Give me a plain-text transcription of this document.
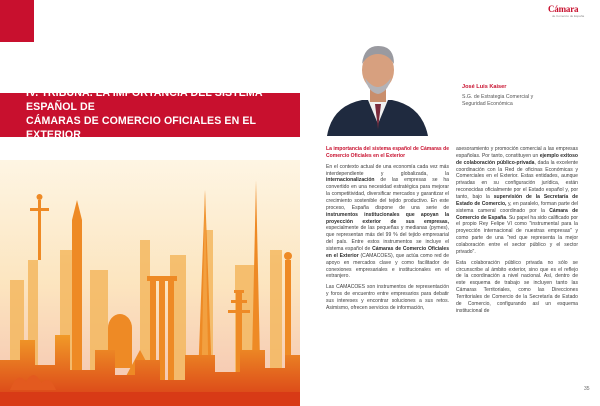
IV. TRIBUNA. LA IMPORTANCIA DEL SISTEMA ESPAÑOL DE
CÁMARAS DE COMERCIO OFICIALES EN EL EXTERIOR
Cámara
de Comercio de España
José Luis Kaiser
S.G. de Estrategia Comercial y
Seguridad Económica

La importancia del sistema español de Cámaras de Comercio Oficiales en el Exterior

En el contexto actual de una economía cada vez más interdependiente y globalizada, la internacionalización de las empresas se ha convertido en una necesidad estratégica para mejorar la competitividad, diversificar mercados y garantizar el crecimiento sostenible del tejido productivo. En este proceso, España dispone de una serie de instrumentos institucionales que apoyan la proyección exterior de sus empresas, especialmente de las pequeñas y medianas (pymes), que representan más del 99 % del tejido empresarial del país. Entre estos instrumentos se incluye el sistema español de Cámaras de Comercio Oficiales en el Exterior (CAMACOES), que actúa como red de apoyo en mercados clave y como facilitador de conexiones empresariales e institucionales en el extranjero.

Las CAMACOES son instrumentos de representación y foros de encuentro entre empresarios para debatir sus intereses y encontrar soluciones a sus retos. Asimismo, ofrecen servicios de información,

asesoramiento y promoción comercial a las empresas españolas. Por tanto, constituyen un ejemplo exitoso de colaboración público-privada, dada la excelente coordinación con la Red de oficinas Económicas y Comerciales en el Exterior. Estas entidades, aunque privadas en su configuración jurídica, están reconocidas oficialmente por el Estado español y, por tanto, bajo la supervisión de la Secretaría de Estado de Comercio, y, en paralelo, forman parte del sistema cameral coordinado por la Cámara de Comercio de España. Su papel ha sido calificado por el propio Rey Felipe VI como "instrumental para la proyección internacional de nuestras empresas" y como parte de una "red que representa la mejor colaboración entre el sector público y el sector privado".

Esta colaboración público privada no sólo se circunscribe al ámbito exterior, sino que es el reflejo de la coordinación a nivel nacional. Así, dentro de este esquema de trabajo se incluyen tanto las Cámaras Territoriales, como las Direcciones Territoriales de Comercio de la Secretaría de Estado de Comercio, configurando así un esquema institucional de

35
